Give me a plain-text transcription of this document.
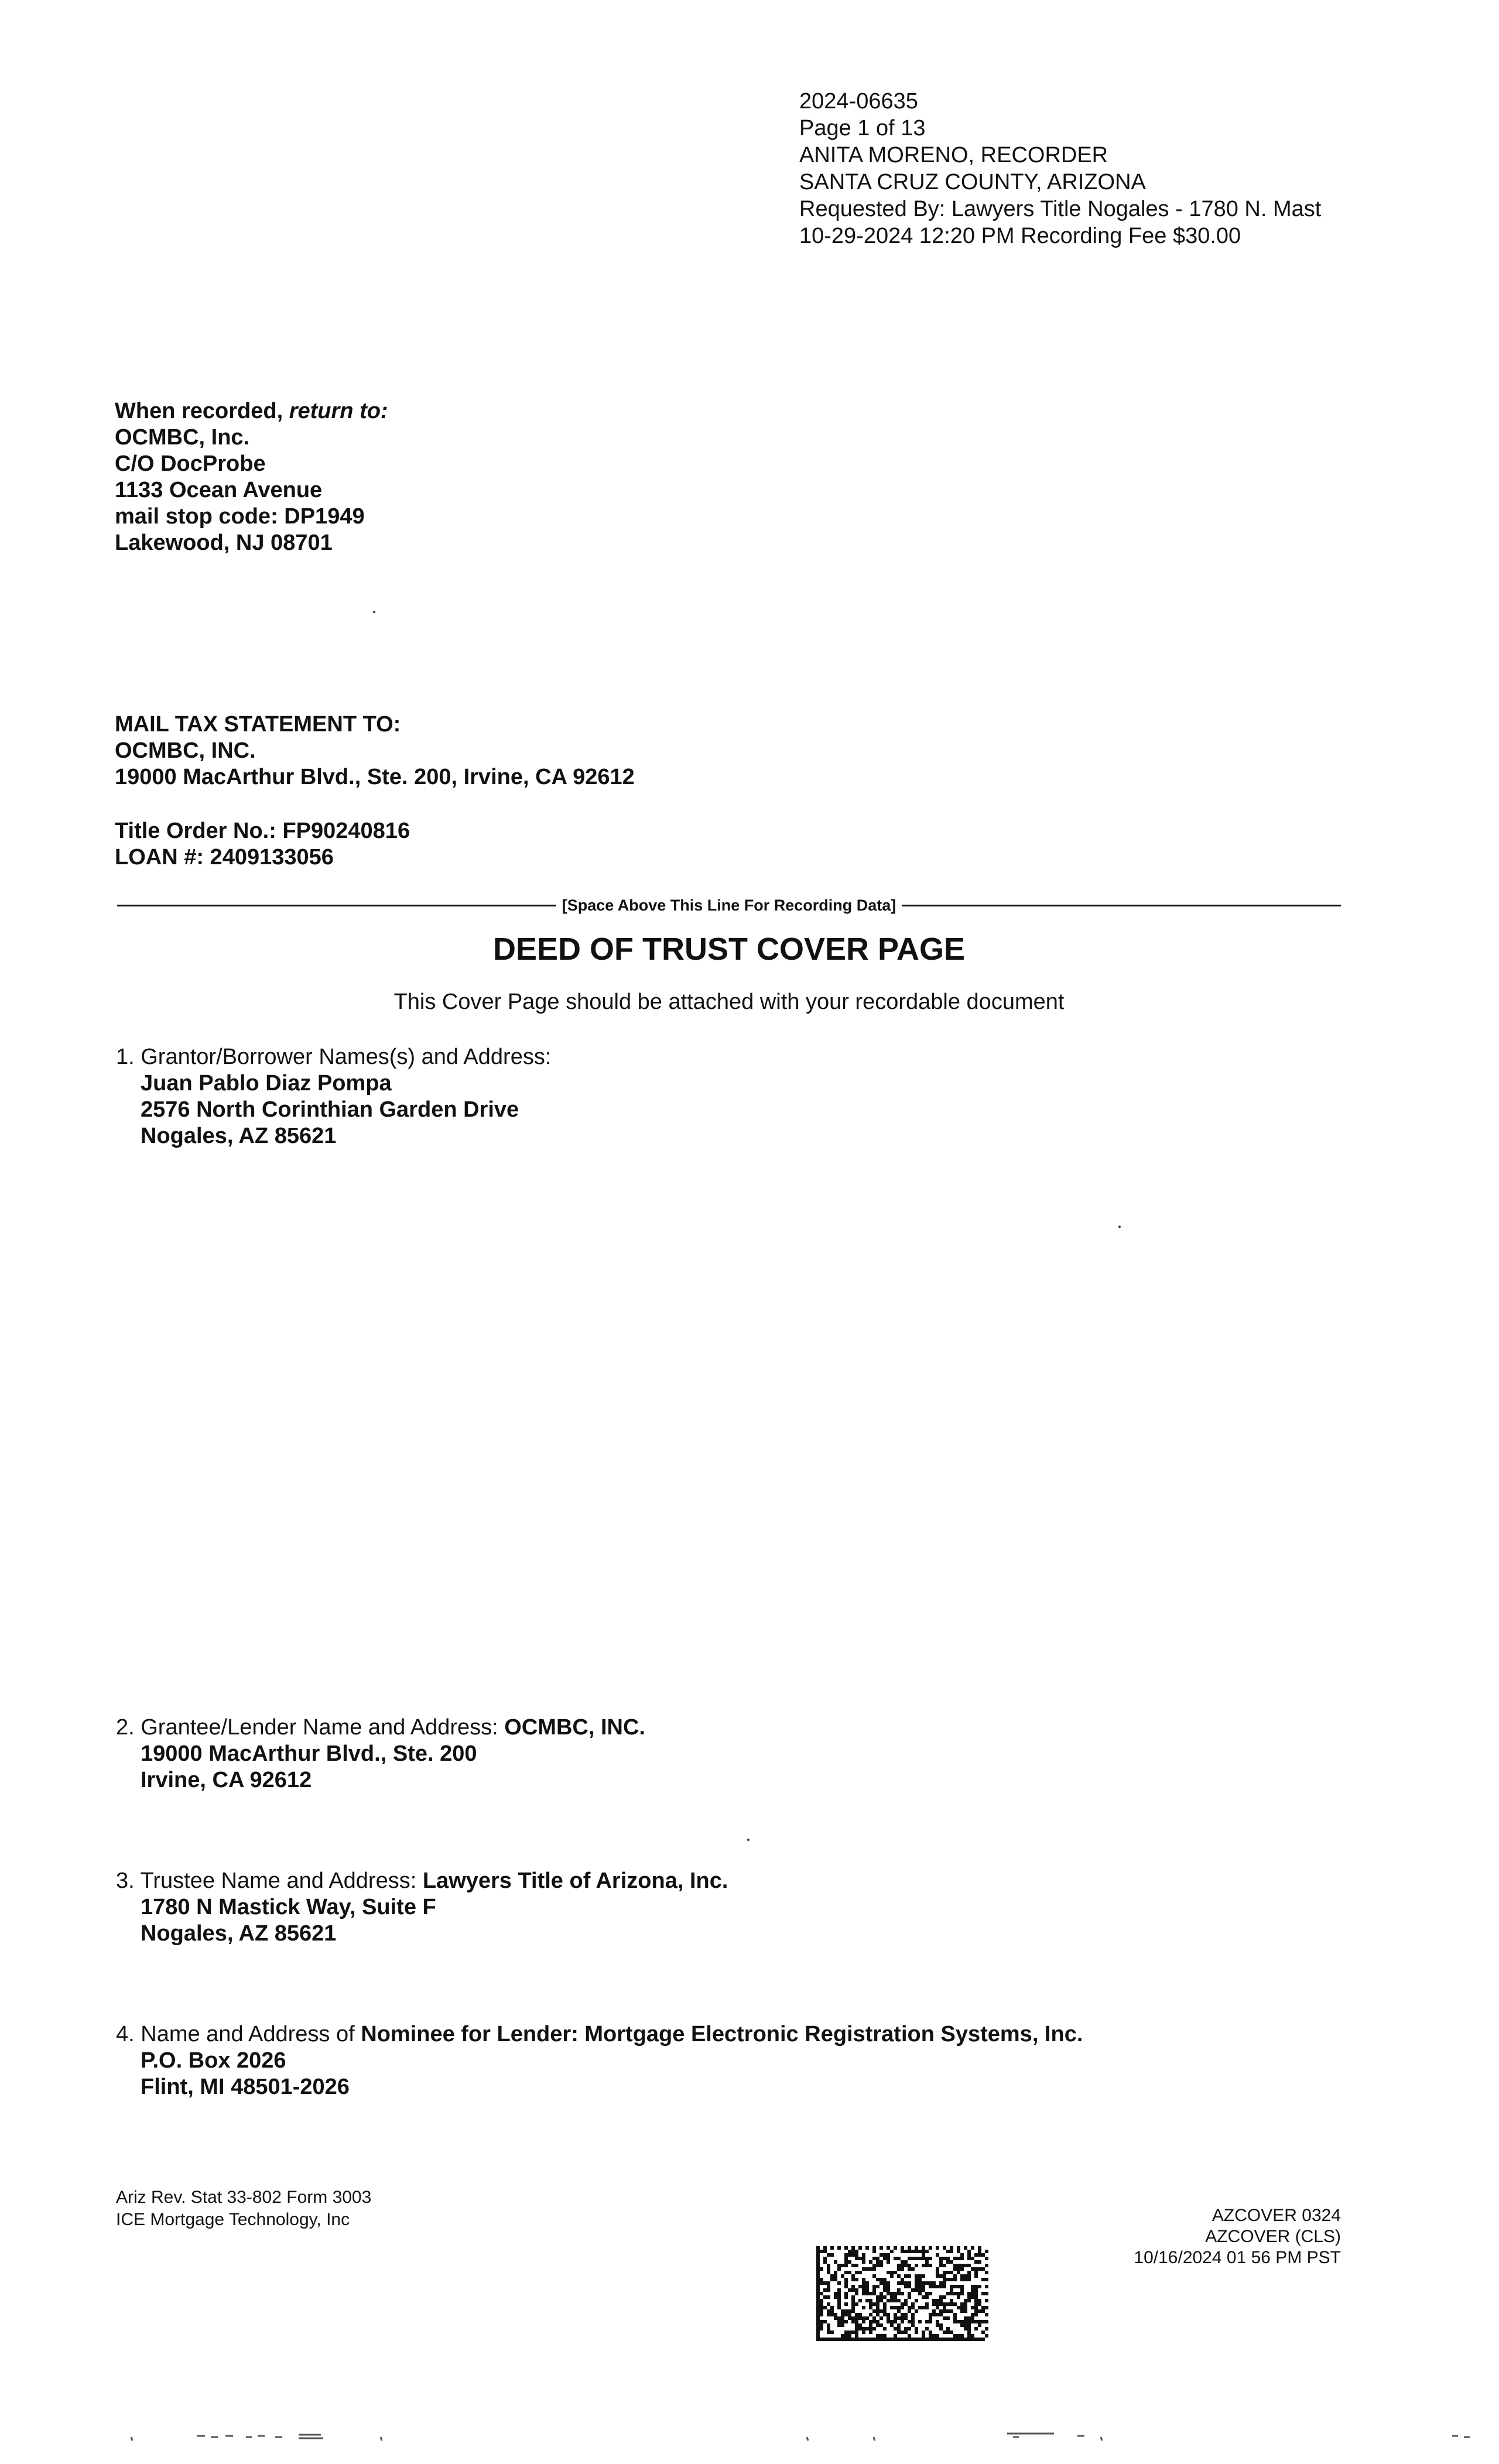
2024-06635
Page 1 of 13
ANITA MORENO, RECORDER
SANTA CRUZ COUNTY, ARIZONA
Requested By: Lawyers Title Nogales - 1780 N. Mast
10-29-2024 12:20 PM Recording Fee $30.00
When recorded, return to:
OCMBC, Inc.
C/O DocProbe
1133 Ocean Avenue
mail stop code: DP1949
Lakewood, NJ 08701
MAIL TAX STATEMENT TO:
OCMBC, INC.
19000 MacArthur Blvd., Ste. 200, Irvine, CA 92612
Title Order No.: FP90240816
LOAN #: 2409133056
[Space Above This Line For Recording Data]
DEED OF TRUST COVER PAGE
This Cover Page should be attached with your recordable document
1. Grantor/Borrower Names(s) and Address:
Juan Pablo Diaz Pompa
2576 North Corinthian Garden Drive
Nogales, AZ 85621
2. Grantee/Lender Name and Address: OCMBC, INC.
19000 MacArthur Blvd., Ste. 200
Irvine, CA 92612
3. Trustee Name and Address: Lawyers Title of Arizona, Inc.
1780 N Mastick Way, Suite F
Nogales, AZ 85621
4. Name and Address of Nominee for Lender: Mortgage Electronic Registration Systems, Inc.
P.O. Box 2026
Flint, MI 48501-2026
Ariz Rev. Stat 33-802 Form 3003
ICE Mortgage Technology, Inc	AZCOVER 0324
AZCOVER (CLS)
10/16/2024 01 56 PM PST
